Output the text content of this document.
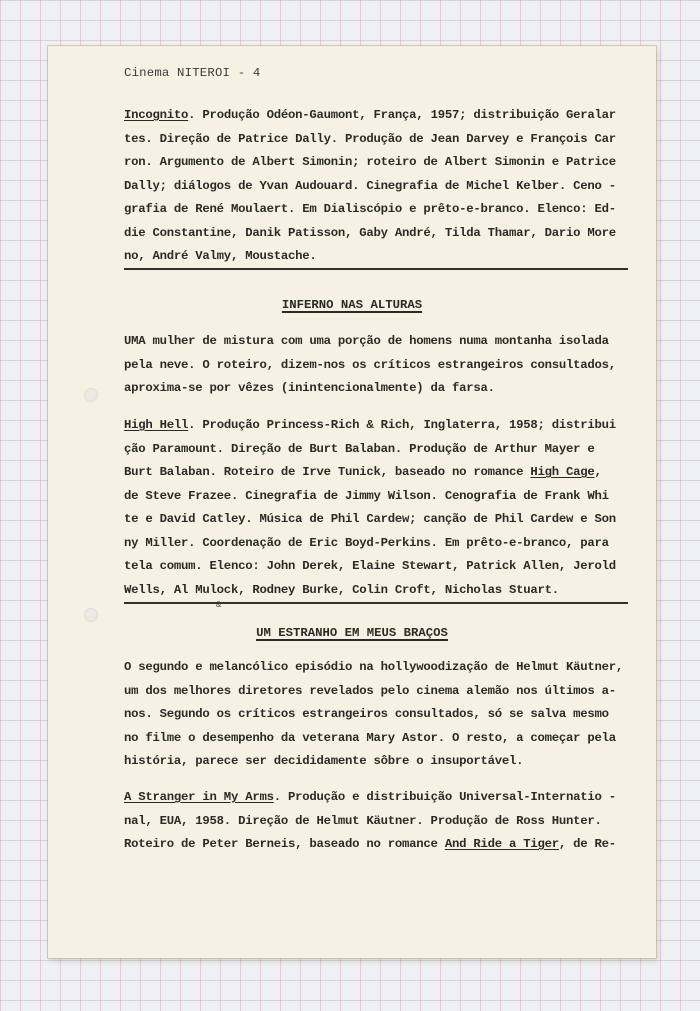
Cinema NITEROI - 4

Incognito. Produção Odéon-Gaumont, França, 1957; distribuição Geralar
tes. Direção de Patrice Dally. Produção de Jean Darvey e François Car
ron. Argumento de Albert Simonin; roteiro de Albert Simonin e Patrice
Dally; diálogos de Yvan Audouard. Cinegrafia de Michel Kelber. Ceno -
grafia de René Moulaert. Em Dialiscópio e prêto-e-branco. Elenco: Ed-
die Constantine, Danik Patisson, Gaby André, Tilda Thamar, Dario More
no, André Valmy, Moustache.

INFERNO NAS ALTURAS

UMA mulher de mistura com uma porção de homens numa montanha isolada
pela neve. O roteiro, dizem-nos os críticos estrangeiros consultados,
aproxima-se por vêzes (inintencionalmente) da farsa.

High Hell. Produção Princess-Rich & Rich, Inglaterra, 1958; distribui
ção Paramount. Direção de Burt Balaban. Produção de Arthur Mayer e
Burt Balaban. Roteiro de Irve Tunick, baseado no romance High Cage,
de Steve Frazee. Cinegrafia de Jimmy Wilson. Cenografia de Frank Whi
te e David Catley. Música de Phil Cardew; canção de Phil Cardew e Son
ny Miller. Coordenação de Eric Boyd-Perkins. Em prêto-e-branco, para
tela comum. Elenco: John Derek, Elaine Stewart, Patrick Allen, Jerold
Wells, Al Mulock, Rodney Burke, Colin Croft, Nicholas Stuart.

&
UM ESTRANHO EM MEUS BRAÇOS

O segundo e melancólico episódio na hollywoodização de Helmut Käutner,
um dos melhores diretores revelados pelo cinema alemão nos últimos a-
nos. Segundo os críticos estrangeiros consultados, só se salva mesmo
no filme o desempenho da veterana Mary Astor. O resto, a começar pela
história, parece ser decididamente sôbre o insuportável.

A Stranger in My Arms. Produção e distribuição Universal-Internatio -
nal, EUA, 1958. Direção de Helmut Käutner. Produção de Ross Hunter.
Roteiro de Peter Berneis, baseado no romance And Ride a Tiger, de Re-
